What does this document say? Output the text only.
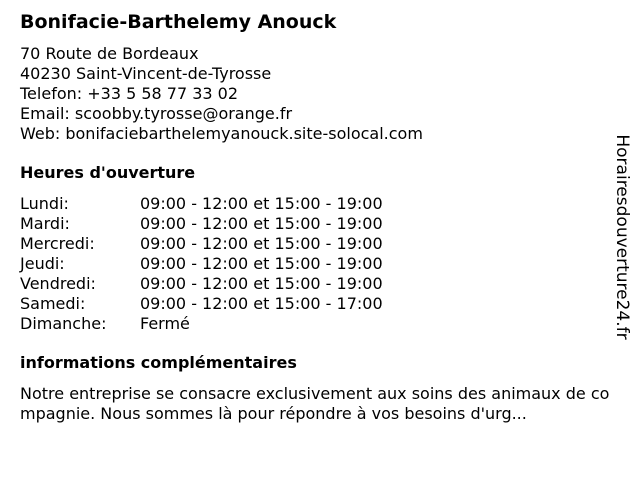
Bonifacie-Barthelemy Anouck
70 Route de Bordeaux
40230 Saint-Vincent-de-Tyrosse
Telefon: +33 5 58 77 33 02
Email: scoobby.tyrosse@orange.fr
Web: bonifaciebarthelemyanouck.site-solocal.com
Heures d'ouverture
Lundi:	09:00 - 12:00 et 15:00 - 19:00
Mardi:	09:00 - 12:00 et 15:00 - 19:00
Mercredi:	09:00 - 12:00 et 15:00 - 19:00
Jeudi:	09:00 - 12:00 et 15:00 - 19:00
Vendredi:	09:00 - 12:00 et 15:00 - 19:00
Samedi:	09:00 - 12:00 et 15:00 - 17:00
Dimanche: Fermé
informations complémentaires
Notre entreprise se consacre exclusivement aux soins des animaux de compagnie. Nous sommes là pour répondre à vos besoins d'urg...
Horairesdouverture24.fr
